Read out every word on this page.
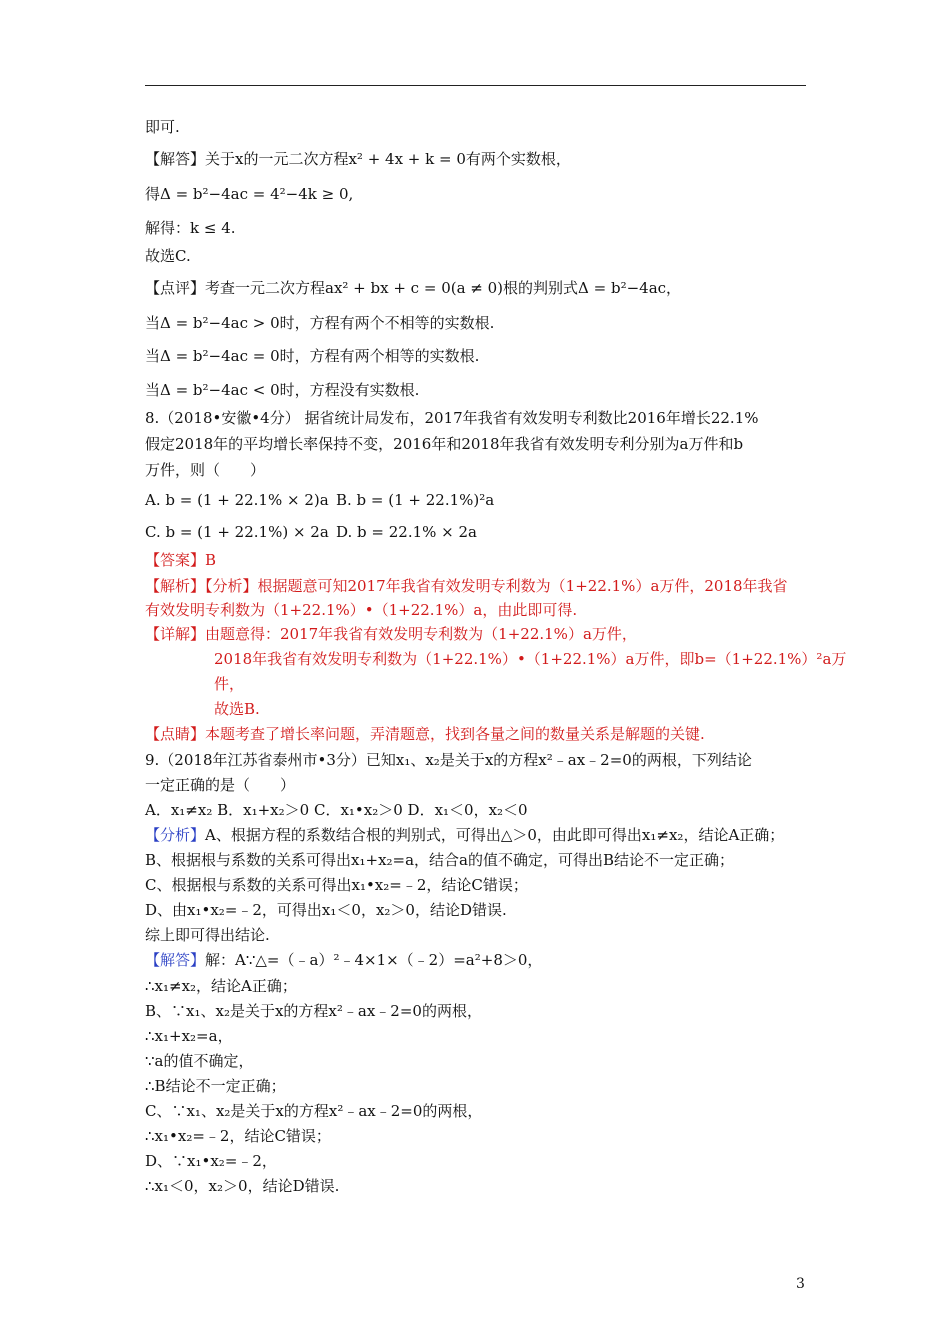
即可.
【解答】关于x的一元二次方程x² + 4x + k = 0有两个实数根，
得Δ = b²−4ac = 4²−4k ≥ 0,
解得：k ≤ 4.
故选C.
【点评】考查一元二次方程ax² + bx + c = 0(a ≠ 0)根的判别式Δ = b²−4ac，
当Δ = b²−4ac > 0时，方程有两个不相等的实数根.
当Δ = b²−4ac = 0时，方程有两个相等的实数根.
当Δ = b²−4ac < 0时，方程没有实数根.
8.（2018•安徽•4分） 据省统计局发布，2017年我省有效发明专利数比2016年增长22.1%
假定2018年的平均增长率保持不变，2016年和2018年我省有效发明专利分别为a万件和b
万件，则（　　）
A. b = (1 + 22.1% × 2)a B. b = (1 + 22.1%)²a
C. b = (1 + 22.1%) × 2a D. b = 22.1% × 2a
【答案】B
【解析】【分析】根据题意可知2017年我省有效发明专利数为（1+22.1%）a万件，2018年我省
有效发明专利数为（1+22.1%）•（1+22.1%）a，由此即可得.
【详解】由题意得：2017年我省有效发明专利数为（1+22.1%）a万件，
2018年我省有效发明专利数为（1+22.1%）•（1+22.1%）a万件，即b=（1+22.1%）²a万
件，
故选B.
【点睛】本题考查了增长率问题，弄清题意，找到各量之间的数量关系是解题的关键.
9.（2018年江苏省泰州市•3分）已知x₁、x₂是关于x的方程x²﹣ax﹣2=0的两根，下列结论
一定正确的是（　　）
A．x₁≠x₂ B．x₁+x₂＞0 C．x₁•x₂＞0 D．x₁＜0，x₂＜0
【分析】A、根据方程的系数结合根的判别式，可得出△＞0，由此即可得出x₁≠x₂，结论A正确；
B、根据根与系数的关系可得出x₁+x₂=a，结合a的值不确定，可得出B结论不一定正确；
C、根据根与系数的关系可得出x₁•x₂=﹣2，结论C错误；
D、由x₁•x₂=﹣2，可得出x₁＜0，x₂＞0，结论D错误.
综上即可得出结论.
【解答】解：A∵△=（﹣a）²﹣4×1×（﹣2）=a²+8＞0，
∴x₁≠x₂，结论A正确；
B、∵x₁、x₂是关于x的方程x²﹣ax﹣2=0的两根，
∴x₁+x₂=a，
∵a的值不确定，
∴B结论不一定正确；
C、∵x₁、x₂是关于x的方程x²﹣ax﹣2=0的两根，
∴x₁•x₂=﹣2，结论C错误；
D、∵x₁•x₂=﹣2，
∴x₁＜0，x₂＞0，结论D错误.
3
